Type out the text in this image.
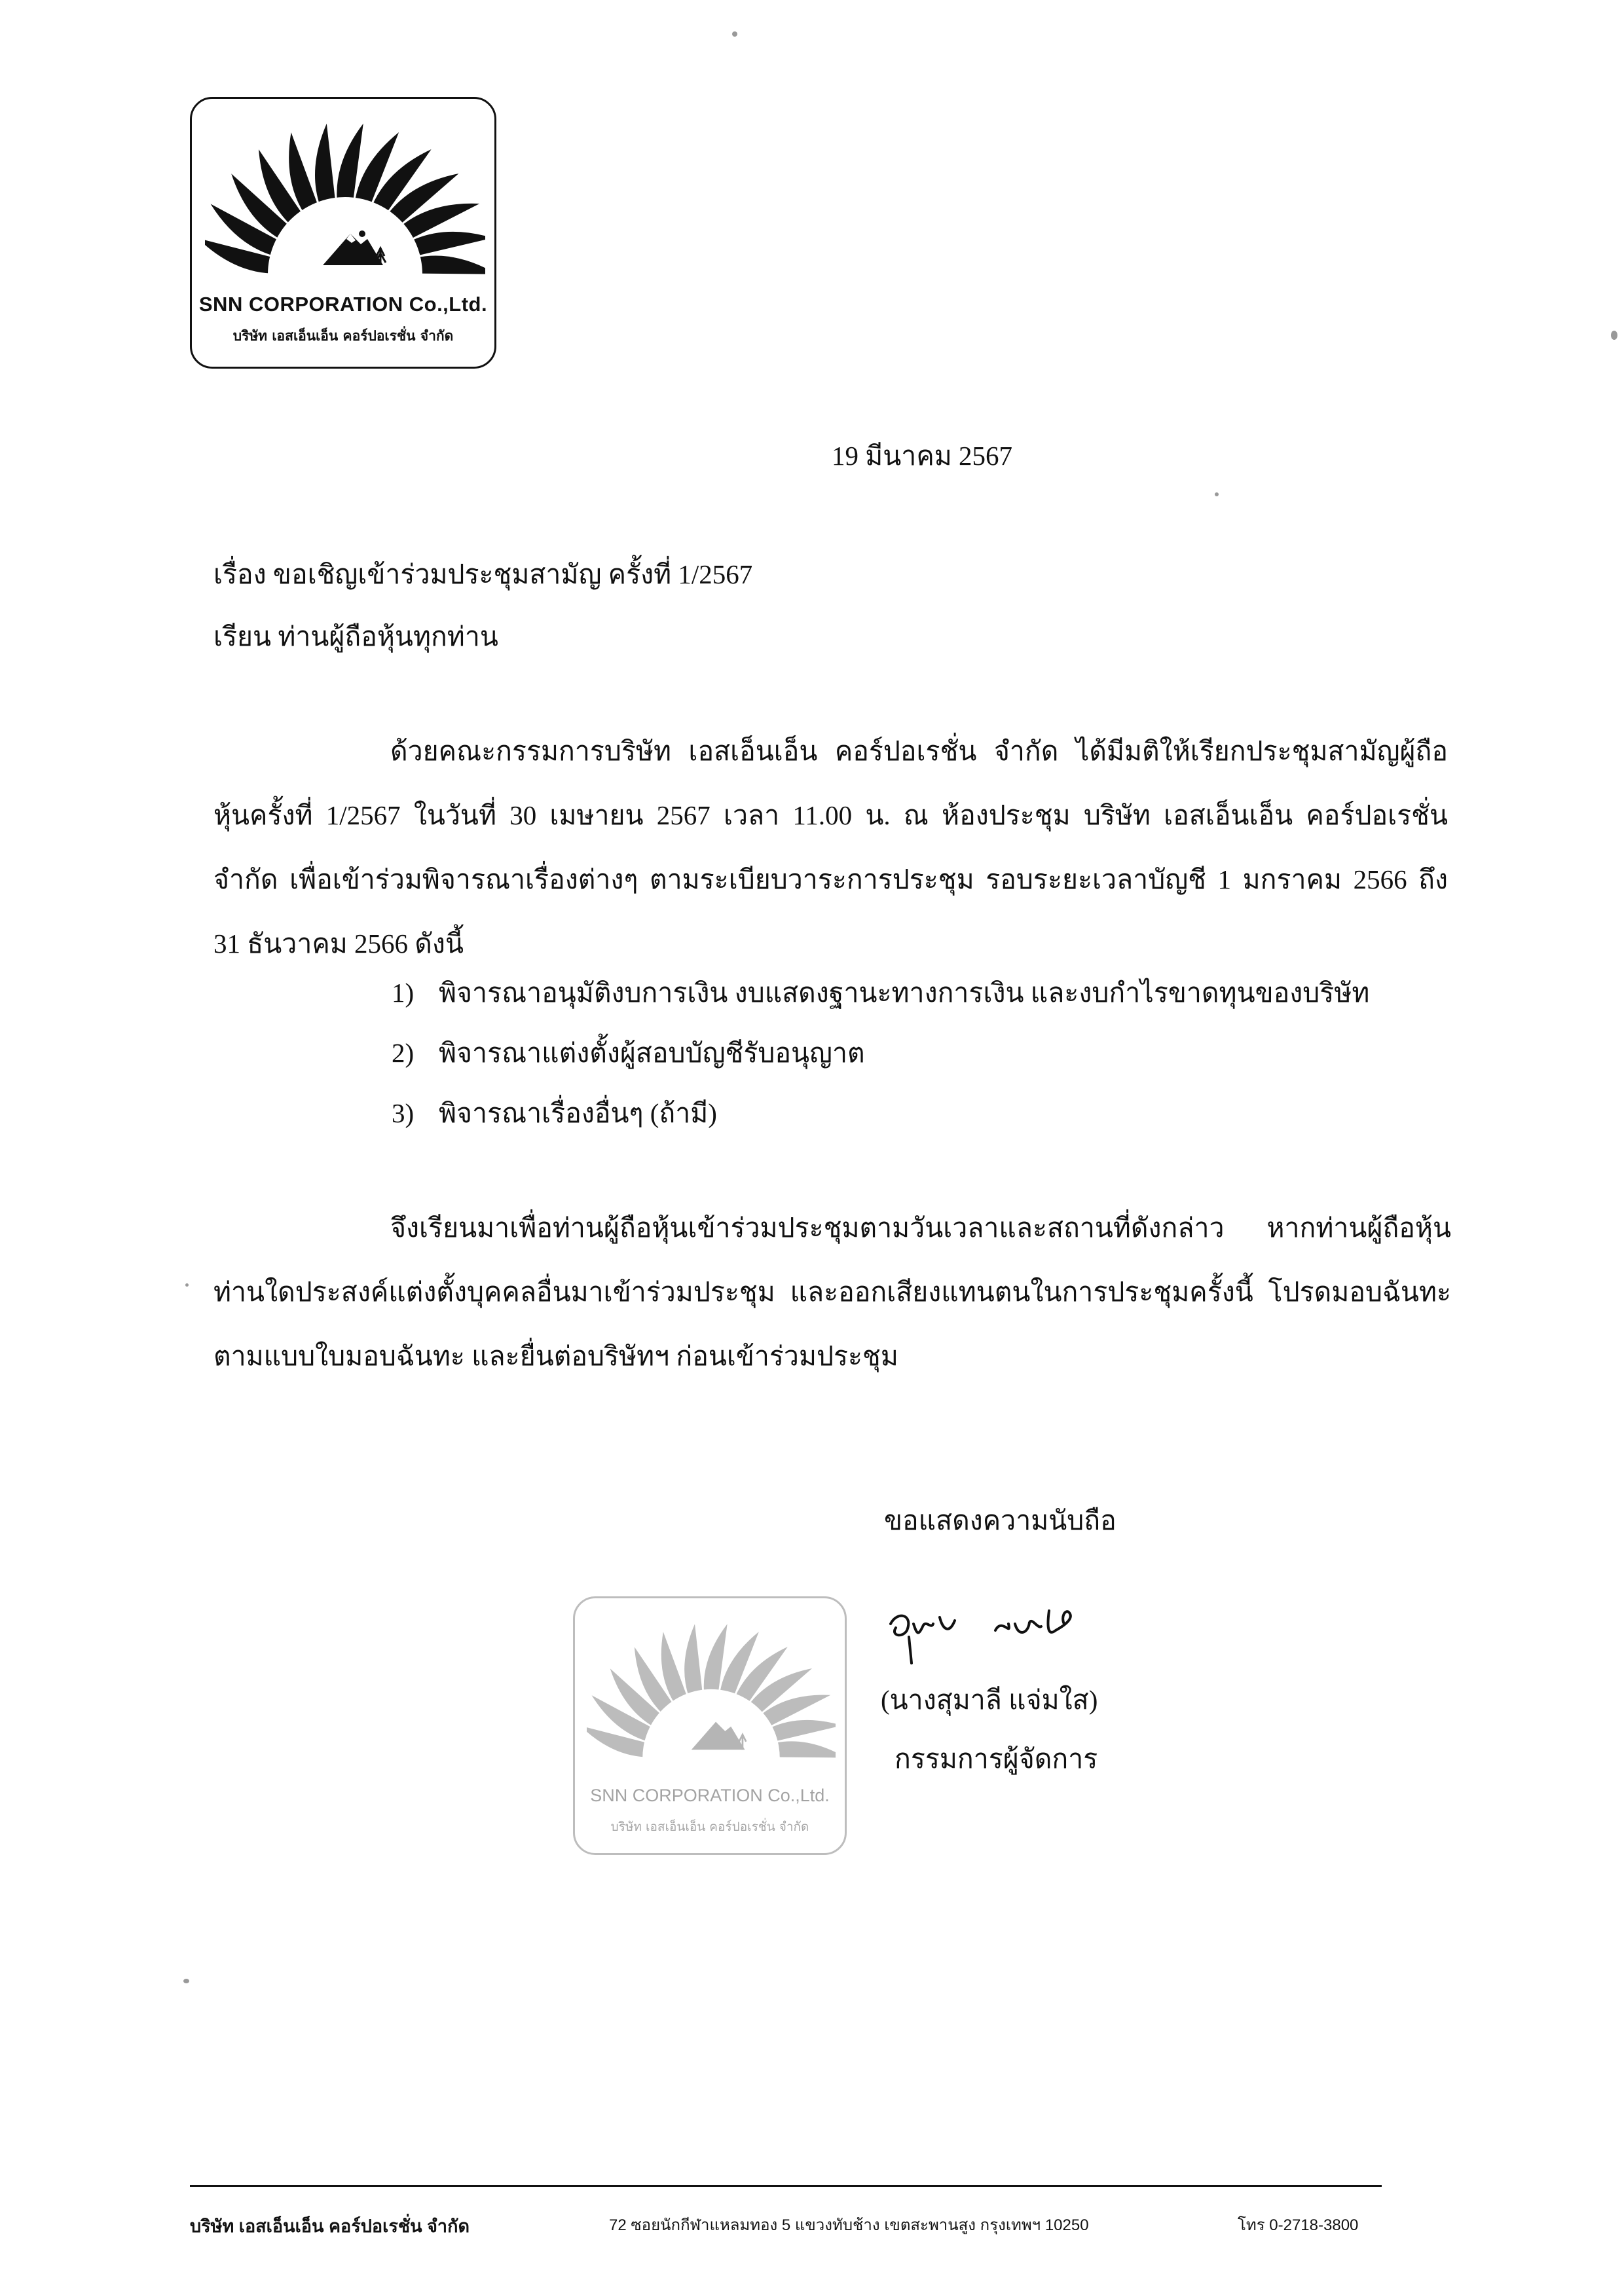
SNN CORPORATION Co.,Ltd.
บริษัท เอสเอ็นเอ็น คอร์ปอเรชั่น จำกัด
19 มีนาคม 2567
เรื่อง ขอเชิญเข้าร่วมประชุมสามัญ ครั้งที่ 1/2567
เรียน ท่านผู้ถือหุ้นทุกท่าน
ด้วยคณะกรรมการบริษัท เอสเอ็นเอ็น คอร์ปอเรชั่น จำกัด ได้มีมติให้เรียกประชุมสามัญผู้ถือ
หุ้นครั้งที่ 1/2567 ในวันที่ 30 เมษายน 2567 เวลา 11.00 น. ณ ห้องประชุม บริษัท เอสเอ็นเอ็น คอร์ปอเรชั่น
จำกัด เพื่อเข้าร่วมพิจารณาเรื่องต่างๆ ตามระเบียบวาระการประชุม รอบระยะเวลาบัญชี 1 มกราคม 2566 ถึง
31 ธันวาคม 2566 ดังนี้
1) พิจารณาอนุมัติงบการเงิน งบแสดงฐานะทางการเงิน และงบกำไรขาดทุนของบริษัท
2) พิจารณาแต่งตั้งผู้สอบบัญชีรับอนุญาต
3) พิจารณาเรื่องอื่นๆ (ถ้ามี)
จึงเรียนมาเพื่อท่านผู้ถือหุ้นเข้าร่วมประชุมตามวันเวลาและสถานที่ดังกล่าว หากท่านผู้ถือหุ้น
ท่านใดประสงค์แต่งตั้งบุคคลอื่นมาเข้าร่วมประชุม และออกเสียงแทนตนในการประชุมครั้งนี้ โปรดมอบฉันทะ
ตามแบบใบมอบฉันทะ และยื่นต่อบริษัทฯ ก่อนเข้าร่วมประชุม
ขอแสดงความนับถือ
SNN CORPORATION Co.,Ltd.
บริษัท เอสเอ็นเอ็น คอร์ปอเรชั่น จำกัด
(นางสุมาลี แจ่มใส)
กรรมการผู้จัดการ
บริษัท เอสเอ็นเอ็น คอร์ปอเรชั่น จำกัด	72 ซอยนักกีฬาแหลมทอง 5 แขวงทับช้าง เขตสะพานสูง กรุงเทพฯ 10250	โทร 0-2718-3800
